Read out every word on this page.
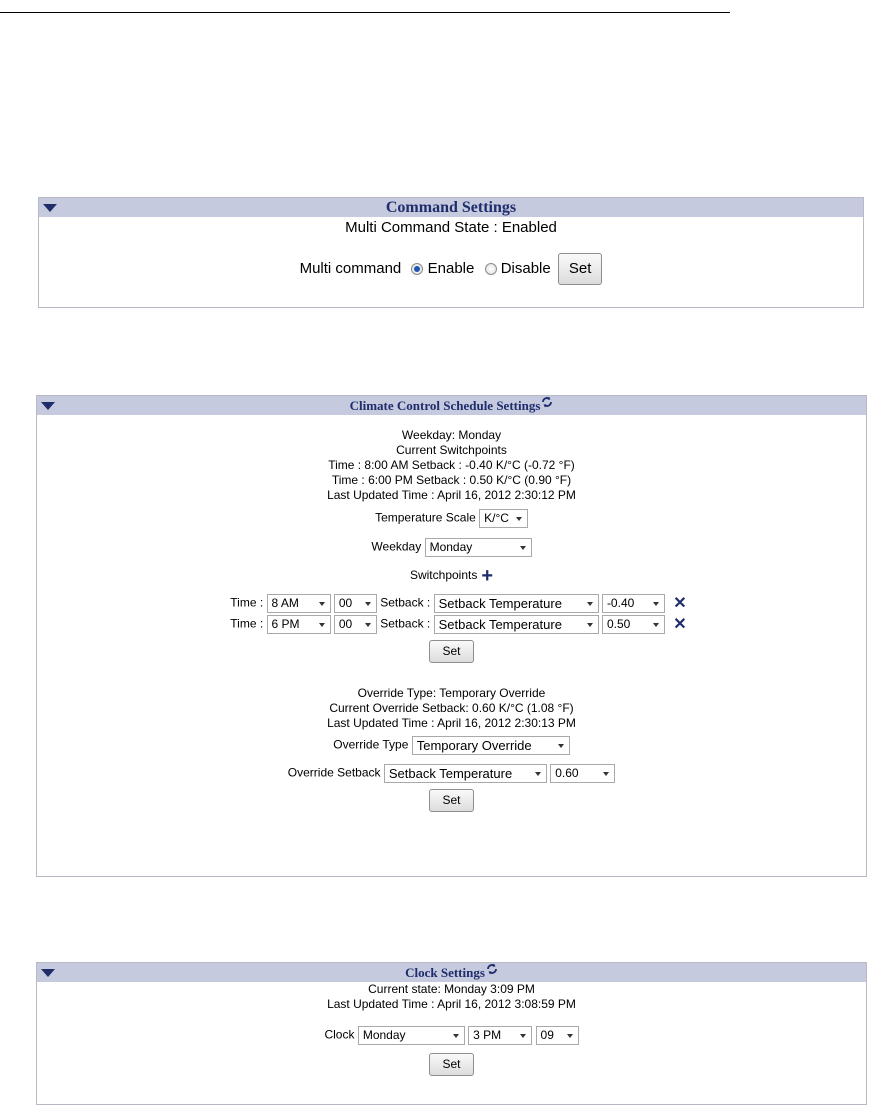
Command Settings
Multi Command State : Enabled
Multi command Enable Disable Set
Climate Control Schedule Settings
Weekday: Monday
Current Switchpoints
Time : 8:00 AM Setback : -0.40 K/°C (-0.72 °F)
Time : 6:00 PM Setback : 0.50 K/°C (0.90 °F)
Last Updated Time : April 16, 2012 2:30:12 PM
Temperature Scale K/°C
Weekday Monday
Switchpoints +
Time : 8 AM	00 Setback : Setback Temperature	-0.40 ✕
Time : 6 PM	00 Setback : Setback Temperature	0.50	✕
Set
Override Type: Temporary Override
Current Override Setback: 0.60 K/°C (1.08 °F)
Last Updated Time : April 16, 2012 2:30:13 PM
Override Type Temporary Override
Override Setback Setback Temperature	0.60
Set
Clock Settings
Current state: Monday 3:09 PM
Last Updated Time : April 16, 2012 3:08:59 PM
Clock Monday	3 PM	09
Set
